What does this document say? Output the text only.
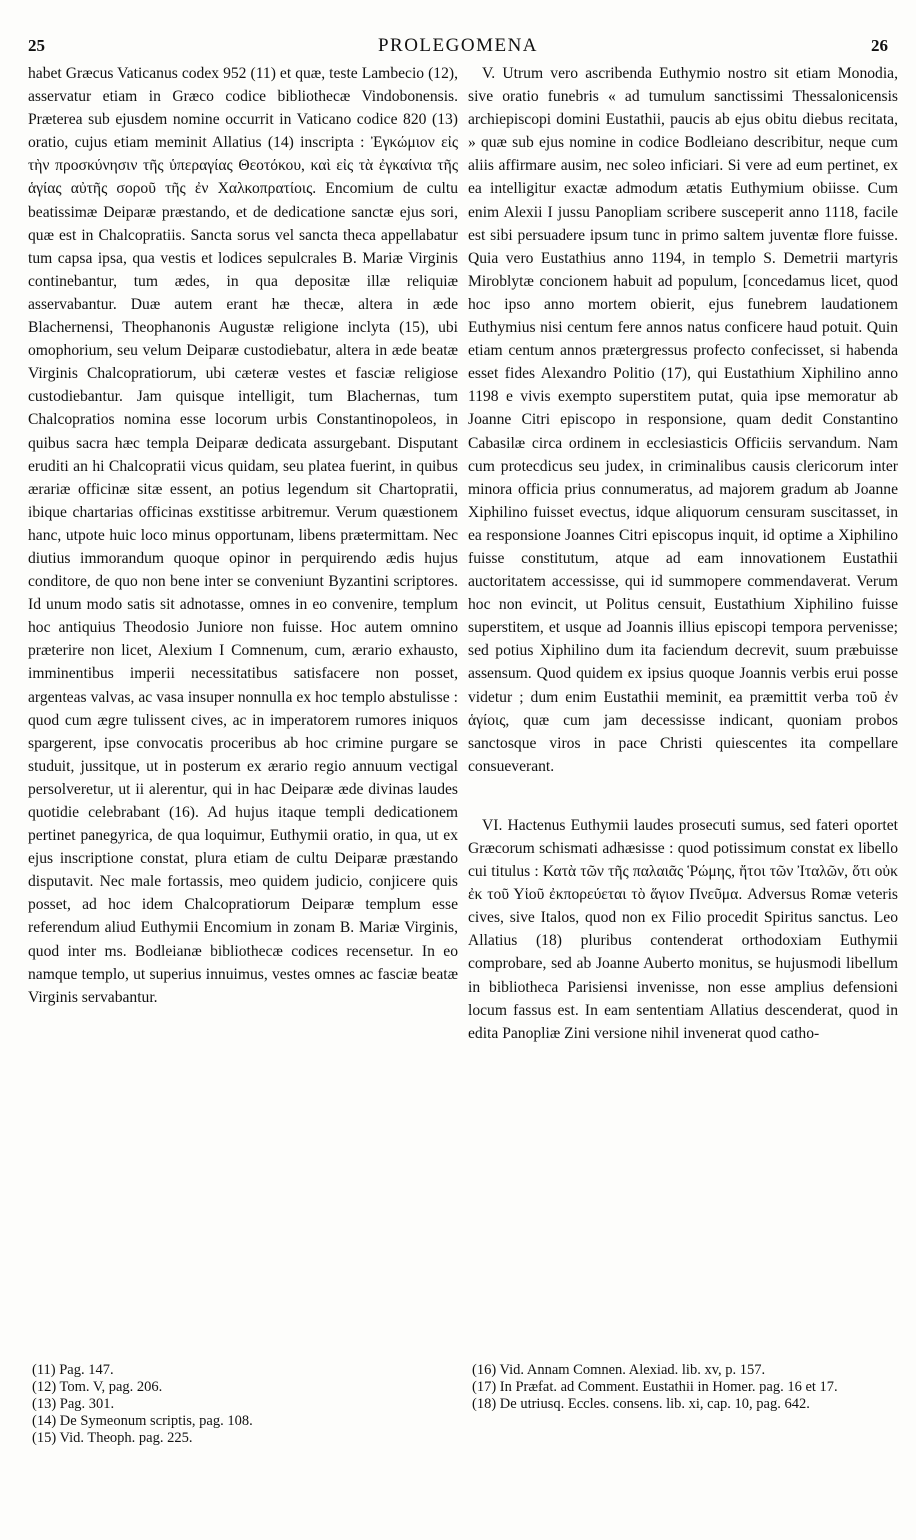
25	PROLEGOMENA	26

habet Græcus Vaticanus codex 952 (11) et quæ, teste Lambecio (12), asservatur etiam in Græco codice bibliothecæ Vindobonensis. Præterea sub ejusdem nomine occurrit in Vaticano codice 820 (13) oratio, cujus etiam meminit Allatius (14) inscripta : Ἐγκώμιον εἰς τὴν προσκύνησιν τῆς ὑπεραγίας Θεοτόκου, καὶ εἰς τὰ ἐγκαίνια τῆς ἁγίας αὐτῆς σοροῦ τῆς ἐν Χαλκοπρατίοις. Encomium de cultu beatissimæ Deiparæ præstando, et de dedicatione sanctæ ejus sori, quæ est in Chalcopratiis. Sancta sorus vel sancta theca appellabatur tum capsa ipsa, qua vestis et lodices sepulcrales B. Mariæ Virginis continebantur, tum ædes, in qua depositæ illæ reliquiæ asservabantur. Duæ autem erant hæ thecæ, altera in æde Blachernensi, Theophanonis Augustæ religione inclyta (15), ubi omophorium, seu velum Deiparæ custodiebatur, altera in æde beatæ Virginis Chalcopratiorum, ubi cæteræ vestes et fasciæ religiose custodiebantur. Jam quisque intelligit, tum Blachernas, tum Chalcopratios nomina esse locorum urbis Constantinopoleos, in quibus sacra hæc templa Deiparæ dedicata assurgebant. Disputant eruditi an hi Chalcopratii vicus quidam, seu platea fuerint, in quibus ærariæ officinæ sitæ essent, an potius legendum sit Chartopratii, ibique chartarias officinas exstitisse arbitremur. Verum quæstionem hanc, utpote huic loco minus opportunam, libens prætermittam. Nec diutius immorandum quoque opinor in perquirendo ædis hujus conditore, de quo non bene inter se conveniunt Byzantini scriptores. Id unum modo satis sit adnotasse, omnes in eo convenire, templum hoc antiquius Theodosio Juniore non fuisse. Hoc autem omnino præterire non licet, Alexium I Comnenum, cum, ærario exhausto, imminentibus imperii necessitatibus satisfacere non posset, argenteas valvas, ac vasa insuper nonnulla ex hoc templo abstulisse : quod cum ægre tulissent cives, ac in imperatorem rumores iniquos spargerent, ipse convocatis proceribus ab hoc crimine purgare se studuit, jussitque, ut in posterum ex ærario regio annuum vectigal persolveretur, ut ii alerentur, qui in hac Deiparæ æde divinas laudes quotidie celebrabant (16). Ad hujus itaque templi dedicationem pertinet panegyrica, de qua loquimur, Euthymii oratio, in qua, ut ex ejus inscriptione constat, plura etiam de cultu Deiparæ præstando disputavit. Nec male fortassis, meo quidem judicio, conjicere quis posset, ad hoc idem Chalcopratiorum Deiparæ templum esse referendum aliud Euthymii Encomium in zonam B. Mariæ Virginis, quod inter ms. Bodleianæ bibliothecæ codices recensetur. In eo namque templo, ut superius innuimus, vestes omnes ac fasciæ beatæ Virginis servabantur.

V. Utrum vero ascribenda Euthymio nostro sit etiam Monodia, sive oratio funebris « ad tumulum sanctissimi Thessalonicensis archiepiscopi domini Eustathii, paucis ab ejus obitu diebus recitata, » quæ sub ejus nomine in codice Bodleiano describitur, neque cum aliis affirmare ausim, nec soleo inficiari. Si vere ad eum pertinet, ex ea intelligitur exactæ admodum ætatis Euthymium obiisse. Cum enim Alexii I jussu Panopliam scribere susceperit anno 1118, facile est sibi persuadere ipsum tunc in primo saltem juventæ flore fuisse. Quia vero Eustathius anno 1194, in templo S. Demetrii martyris Miroblytæ concionem habuit ad populum, [concedamus licet, quod hoc ipso anno mortem obierit, ejus funebrem laudationem Euthymius nisi centum fere annos natus conficere haud potuit. Quin etiam centum annos prætergressus profecto confecisset, si habenda esset fides Alexandro Politio (17), qui Eustathium Xiphilino anno 1198 e vivis exempto superstitem putat, quia ipse memoratur ab Joanne Citri episcopo in responsione, quam dedit Constantino Cabasilæ circa ordinem in ecclesiasticis Officiis servandum. Nam cum protecdicus seu judex, in criminalibus causis clericorum inter minora officia prius connumeratus, ad majorem gradum ab Joanne Xiphilino fuisset evectus, idque aliquorum censuram suscitasset, in ea responsione Joannes Citri episcopus inquit, id optime a Xiphilino fuisse constitutum, atque ad eam innovationem Eustathii auctoritatem accessisse, qui id summopere commendaverat. Verum hoc non evincit, ut Politus censuit, Eustathium Xiphilino fuisse superstitem, et usque ad Joannis illius episcopi tempora pervenisse; sed potius Xiphilino dum ita faciendum decrevit, suum præbuisse assensum. Quod quidem ex ipsius quoque Joannis verbis erui posse videtur ; dum enim Eustathii meminit, ea præmittit verba τοῦ ἐν ἁγίοις, quæ cum jam decessisse indicant, quoniam probos sanctosque viros in pace Christi quiescentes ita compellare consueverant.

VI. Hactenus Euthymii laudes prosecuti sumus, sed fateri oportet Græcorum schismati adhæsisse : quod potissimum constat ex libello cui titulus : Κατὰ τῶν τῆς παλαιᾶς Ῥώμης, ἤτοι τῶν Ἰταλῶν, ὅτι οὐκ ἐκ τοῦ Υἱοῦ ἐκπορεύεται τὸ ἅγιον Πνεῦμα. Adversus Romæ veteris cives, sive Italos, quod non ex Filio procedit Spiritus sanctus. Leo Allatius (18) pluribus contenderat orthodoxiam Euthymii comprobare, sed ab Joanne Auberto monitus, se hujusmodi libellum in bibliotheca Parisiensi invenisse, non esse amplius defensioni locum fassus est. In eam sententiam Allatius descenderat, quod in edita Panopliæ Zini versione nihil invenerat quod catho-

(11) Pag. 147.
(12) Tom. V, pag. 206.
(13) Pag. 301.
(14) De Symeonum scriptis, pag. 108.
(15) Vid. Theoph. pag. 225.
(16) Vid. Annam Comnen. Alexiad. lib. xv, p. 157.
(17) In Præfat. ad Comment. Eustathii in Homer. pag. 16 et 17.
(18) De utriusq. Eccles. consens. lib. xi, cap. 10, pag. 642.
